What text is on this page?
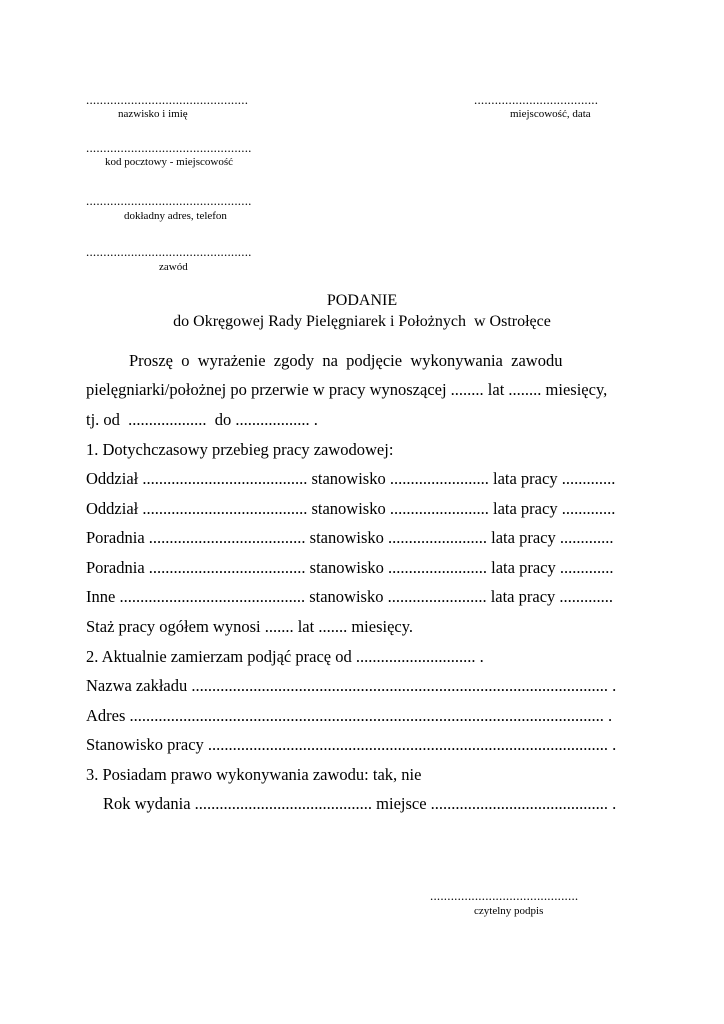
...............................................
nazwisko i imię
....................................
miejscowość, data
................................................
kod pocztowy - miejscowość
................................................
dokładny adres, telefon
................................................
zawód
PODANIE
do Okręgowej Rady Pielęgniarek i Położnych  w Ostrołęce
Proszę  o  wyrażenie  zgody  na  podjęcie  wykonywania  zawodu
pielęgniarki/położnej po przerwie w pracy wynoszącej ........ lat ........ miesięcy,
tj. od  ...................  do .................. .
1. Dotychczasowy przebieg pracy zawodowej:
Oddział ........................................ stanowisko ........................ lata pracy .............
Oddział ........................................ stanowisko ........................ lata pracy .............
Poradnia ...................................... stanowisko ........................ lata pracy .............
Poradnia ...................................... stanowisko ........................ lata pracy .............
Inne ............................................. stanowisko ........................ lata pracy .............
Staż pracy ogółem wynosi ....... lat ....... miesięcy.
2. Aktualnie zamierzam podjąć pracę od ............................. .
Nazwa zakładu ..................................................................................................... .
Adres ................................................................................................................... .
Stanowisko pracy ................................................................................................. .
3. Posiadam prawo wykonywania zawodu: tak, nie
Rok wydania ........................................... miejsce ........................................... .
...........................................
czytelny podpis
